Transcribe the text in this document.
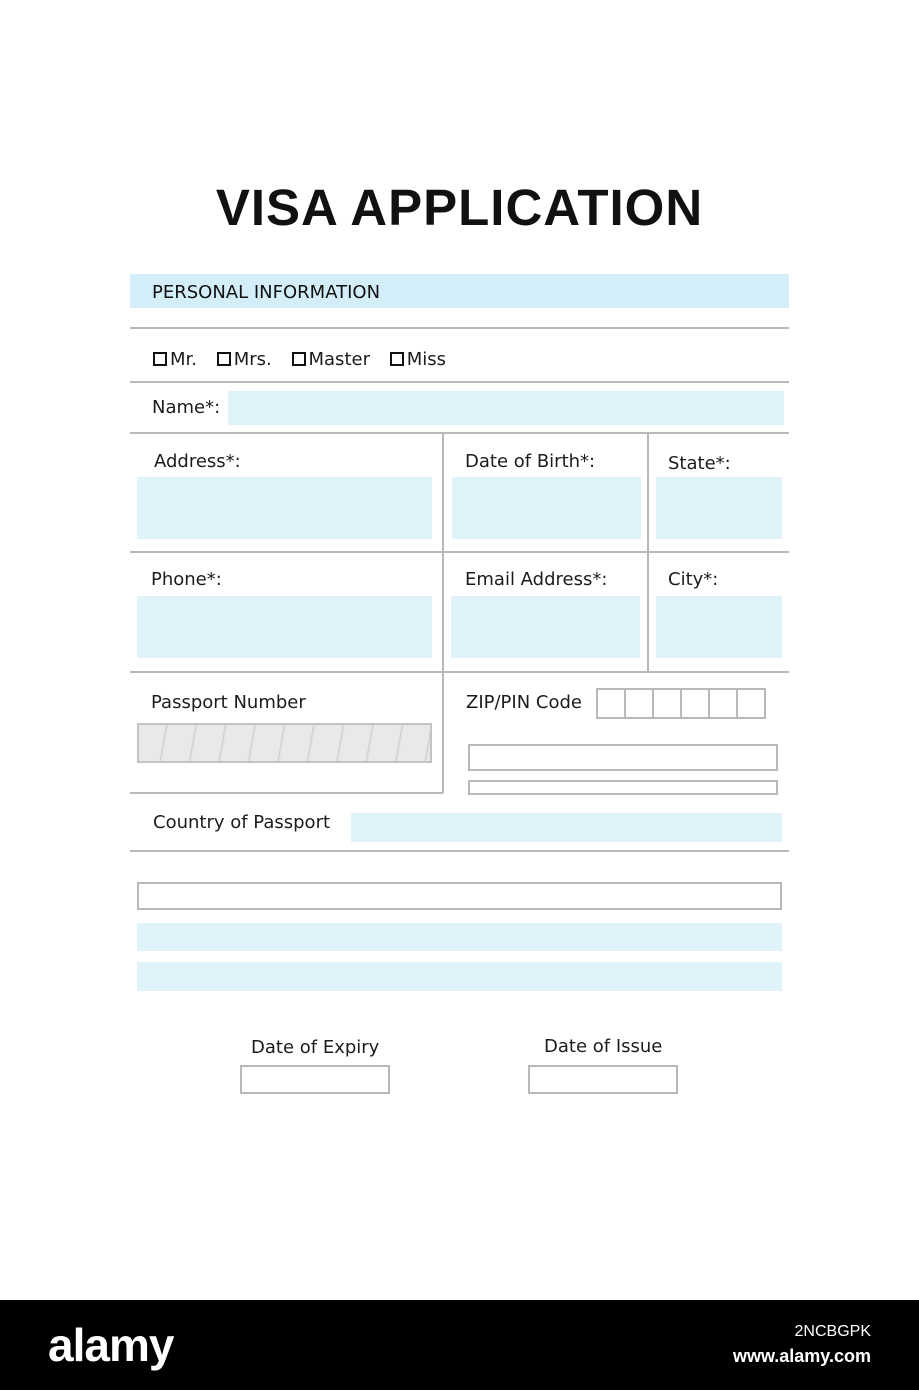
VISA APPLICATION
PERSONAL INFORMATION
Mr. Mrs. Master Miss
Name*:
Address*:	Date of Birth*:	State*:
Phone*:	Email Address*:	City*:
Passport Number	ZIP/PIN Code
Country of Passport
Date of Expiry	Date of Issue
alamy	2NCBGPK
www.alamy.com
